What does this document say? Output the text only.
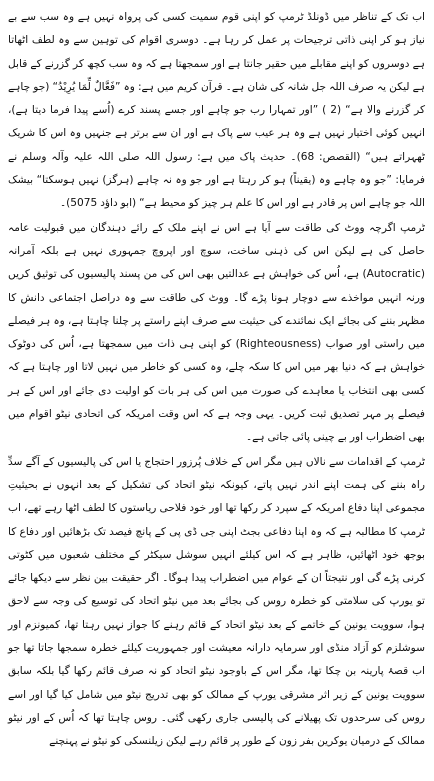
اب تک کے تناظر میں ڈونلڈ ٹرمپ کو اپنی قوم سمیت کسی کی پرواہ نہیں ہے وہ سب سے بے نیاز ہو کر اپنی ذاتی ترجیحات پر عمل کر رہا ہے۔ دوسری اقوام کی توہین سے وہ لطف اٹھاتا ہے دوسروں کو اپنے مقابلے میں حقیر جانتا ہے اور سمجھتا ہے کہ وہ سب کچھ کر گزرنے کے قابل ہے لیکن یہ صرف اللہ جل شانہ کی شان ہے۔ قرآن کریم میں ہے: وہ ”فَعَّالٌ لِّمَا یُرِیْدُ“ (جو چاہے کر گزرنے والا ہے“ (2 ) ”اور تمہارا رب جو چاہے اور جسے پسند کرے (اُسے پیدا فرما دیتا ہے)، انہیں کوئی اختیار نہیں ہے وہ ہر عیب سے پاک ہے اور ان سے برتر ہے جنہیں وہ اس کا شریک ٹھہراتے ہیں“ (القصص: 68)۔ حدیث پاک میں ہے: رسول اللہ صلی اللہ علیہ وآلہ وسلم نے فرمایا: ”جو وہ چاہے وہ (یقیناً) ہو کر رہتا ہے اور جو وہ نہ چاہے (ہرگز) نہیں ہوسکتا“ بیشک اللہ جو چاہے اس پر قادر ہے اور اس کا علم ہر چیز کو محیط ہے“ (ابو داؤد 5075)۔

ٹرمپ اگرچہ ووٹ کی طاقت سے آیا ہے اس نے اپنے ملک کے رائے دہندگان میں قبولیت عامہ حاصل کی ہے لیکن اس کی ذہنی ساخت، سوچ اور اپروچ جمہوری نہیں ہے بلکہ آمرانہ (Autocratic) ہے، اُس کی خواہش ہے عدالتیں بھی اس کی من پسند پالیسیوں کی توثیق کریں ورنہ انہیں مواخذے سے دوچار ہونا پڑے گا۔ ووٹ کی طاقت سے وہ دراصل اجتماعی دانش کا مظہر بننے کی بجائے ایک نمائندے کی حیثیت سے صرف اپنے راستے پر چلنا چاہتا ہے، وہ ہر فیصلے میں راستی اور صواب (Righteousness) کو اپنی ہی ذات میں سمجھتا ہے، اُس کی دوٹوک خواہش ہے کہ دنیا بھر میں اس کا سکہ چلے، وہ کسی کو خاطر میں نہیں لاتا اور چاہتا ہے کہ کسی بھی انتخاب یا معاہدے کی صورت میں اس کی ہر بات کو اولیت دی جائے اور اس کے ہر فیصلے پر مہر تصدیق ثبت کریں۔ یہی وجہ ہے کہ اس وقت امریکہ کی اتحادی نیٹو اقوام میں بھی اضطراب اور بے چینی پائی جاتی ہے۔

ٹرمپ کے اقدامات سے نالاں ہیں مگر اس کے خلاف پُرزور احتجاج یا اس کی پالیسیوں کے آگے سدِّ راہ بننے کی ہمت اپنے اندر نہیں پاتے، کیونکہ نیٹو اتحاد کی تشکیل کے بعد انہوں نے بحیثیتِ مجموعی اپنا دفاع امریکہ کے سپرد کر رکھا تھا اور خود فلاحی ریاستوں کا لطف اٹھا رہے تھے، اب ٹرمپ کا مطالبہ ہے کہ وہ اپنا دفاعی بجٹ اپنی جی ڈی پی کے پانچ فیصد تک بڑھائیں اور دفاع کا بوجھ خود اٹھائیں، ظاہر ہے کہ اس کیلئے انہیں سوشل سیکٹر کے مختلف شعبوں میں کٹوتی کرنی پڑے گی اور نتیجتاً ان کے عوام میں اضطراب پیدا ہوگا۔ اگر حقیقت بین نظر سے دیکھا جائے تو یورپ کی سلامتی کو خطرہ روس کی بجائے بعد میں نیٹو اتحاد کی توسیع کی وجہ سے لاحق ہوا، سوویت یونین کے خاتمے کے بعد نیٹو اتحاد کے قائم رہنے کا جواز نہیں رہتا تھا، کمیونزم اور سوشلزم کو آزاد منڈی اور سرمایہ دارانہ معیشت اور جمہوریت کیلئے خطرہ سمجھا جاتا تھا جو اب قصۂ پارینہ بن چکا تھا، مگر اس کے باوجود نیٹو اتحاد کو نہ صرف قائم رکھا گیا بلکہ سابق سوویت یونین کے زیر اثر مشرقی یورپ کے ممالک کو بھی تدریج نیٹو میں شامل کیا گیا اور اسے روس کی سرحدوں تک پھیلانے کی پالیسی جاری رکھی گئی۔ روس چاہتا تھا کہ اُس کے اور نیٹو ممالک کے درمیان یوکرین بفر زون کے طور پر قائم رہے لیکن زیلنسکی کو نیٹو نے پہنچنے
